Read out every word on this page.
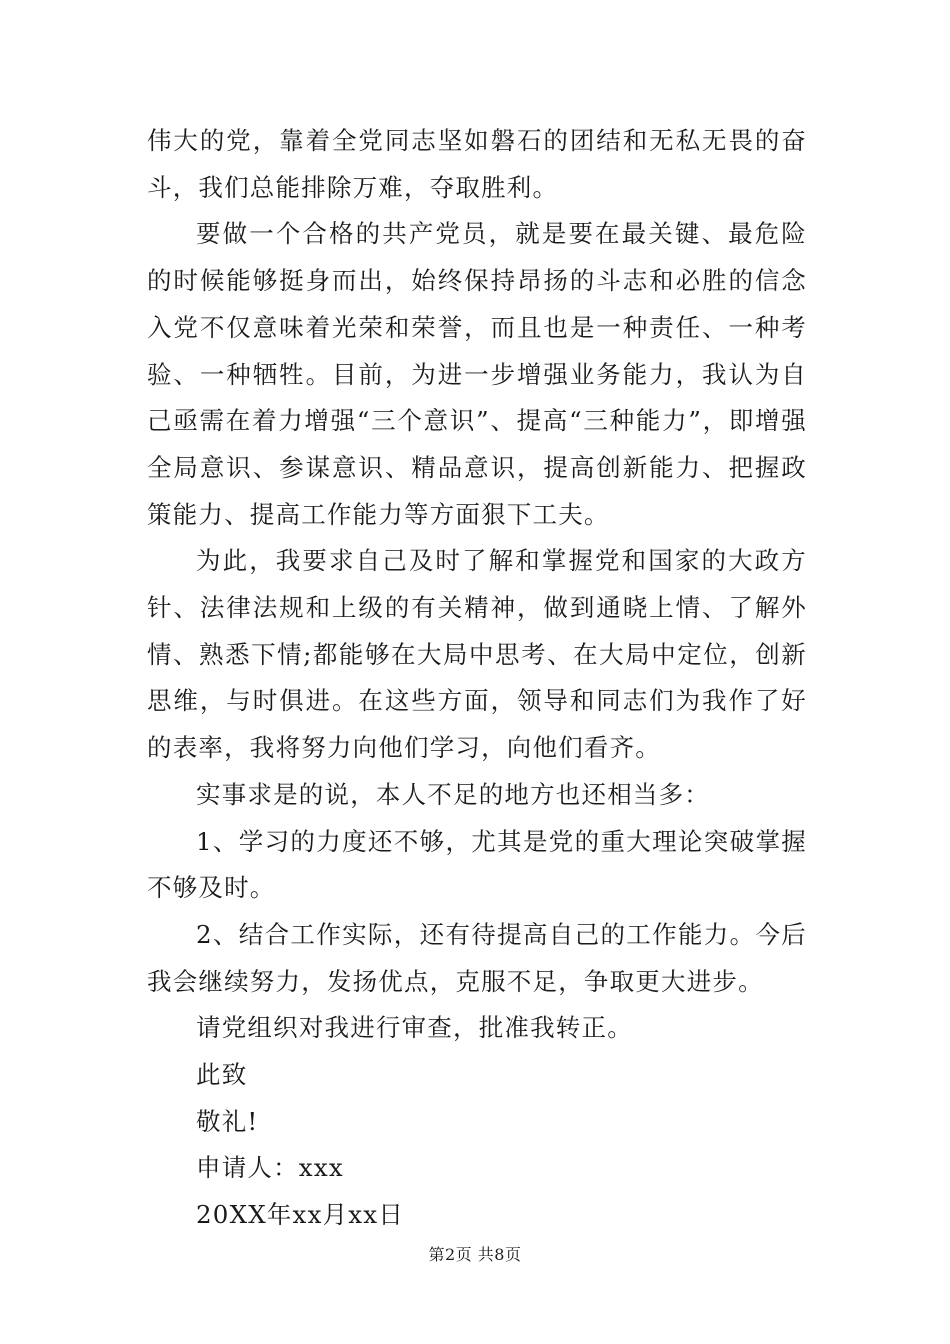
伟大的党，靠着全党同志坚如磐石的团结和无私无畏的奋斗，我们总能排除万难，夺取胜利。

要做一个合格的共产党员，就是要在最关键、最危险的时候能够挺身而出，始终保持昂扬的斗志和必胜的信念入党不仅意味着光荣和荣誉，而且也是一种责任、一种考验、一种牺牲。目前，为进一步增强业务能力，我认为自己亟需在着力增强“三个意识”、提高“三种能力”，即增强全局意识、参谋意识、精品意识，提高创新能力、把握政策能力、提高工作能力等方面狠下工夫。

为此，我要求自己及时了解和掌握党和国家的大政方针、法律法规和上级的有关精神，做到通晓上情、了解外情、熟悉下情;都能够在大局中思考、在大局中定位，创新思维，与时俱进。在这些方面，领导和同志们为我作了好的表率，我将努力向他们学习，向他们看齐。

实事求是的说，本人不足的地方也还相当多：

1、学习的力度还不够，尤其是党的重大理论突破掌握不够及时。

2、结合工作实际，还有待提高自己的工作能力。今后我会继续努力，发扬优点，克服不足，争取更大进步。

请党组织对我进行审查，批准我转正。

此致

敬礼!

申请人：xxx

20XX年xx月xx日

第2页 共8页
